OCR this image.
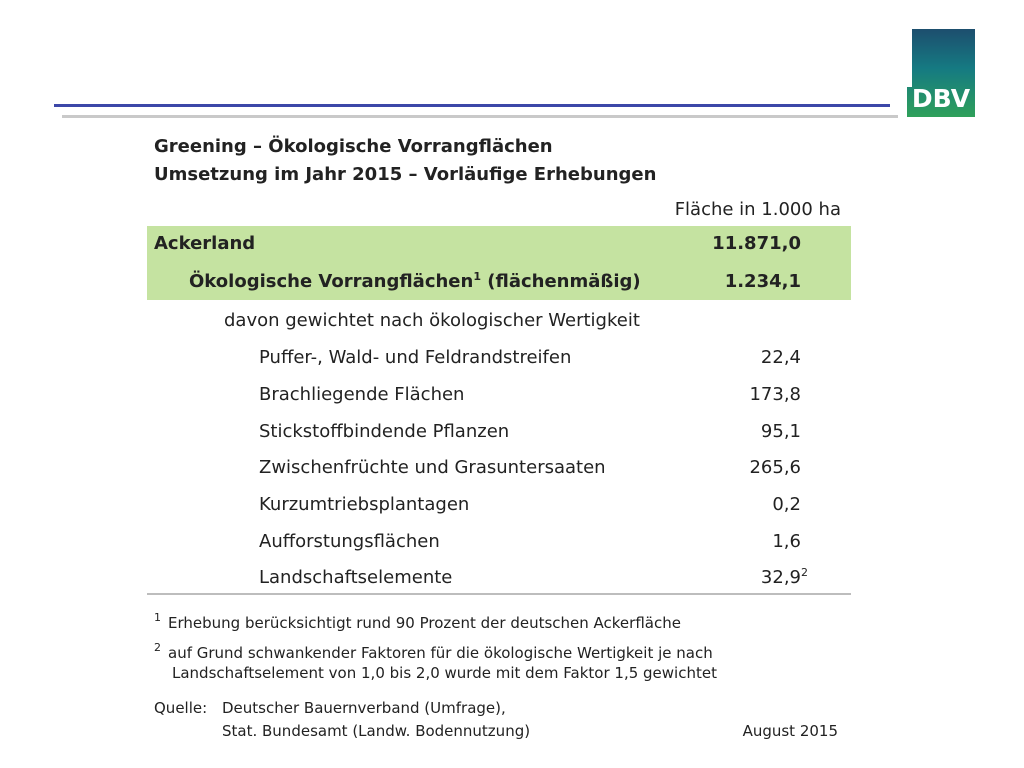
DBV
Greening – Ökologische Vorrangflächen
Umsetzung im Jahr 2015 – Vorläufige Erhebungen
Fläche in 1.000 ha
Ackerland	11.871,0
Ökologische Vorrangflächen$^1$ (flächenmäßig)	1.234,1
davon gewichtet nach ökologischer Wertigkeit
Puffer-, Wald- und Feldrandstreifen	22,4
Brachliegende Flächen	173,8
Stickstoffbindende Pflanzen	95,1
Zwischenfrüchte und Grasuntersaaten	265,6
Kurzumtriebsplantagen	0,2
Aufforstungsflächen	1,6
Landschaftselemente	32,9$^2$
1 Erhebung berücksichtigt rund 90 Prozent der deutschen Ackerfläche
2 auf Grund schwankender Faktoren für die ökologische Wertigkeit je nach
Landschaftselement von 1,0 bis 2,0 wurde mit dem Faktor 1,5 gewichtet
Quelle: Deutscher Bauernverband (Umfrage),
Stat. Bundesamt (Landw. Bodennutzung)	August 2015
